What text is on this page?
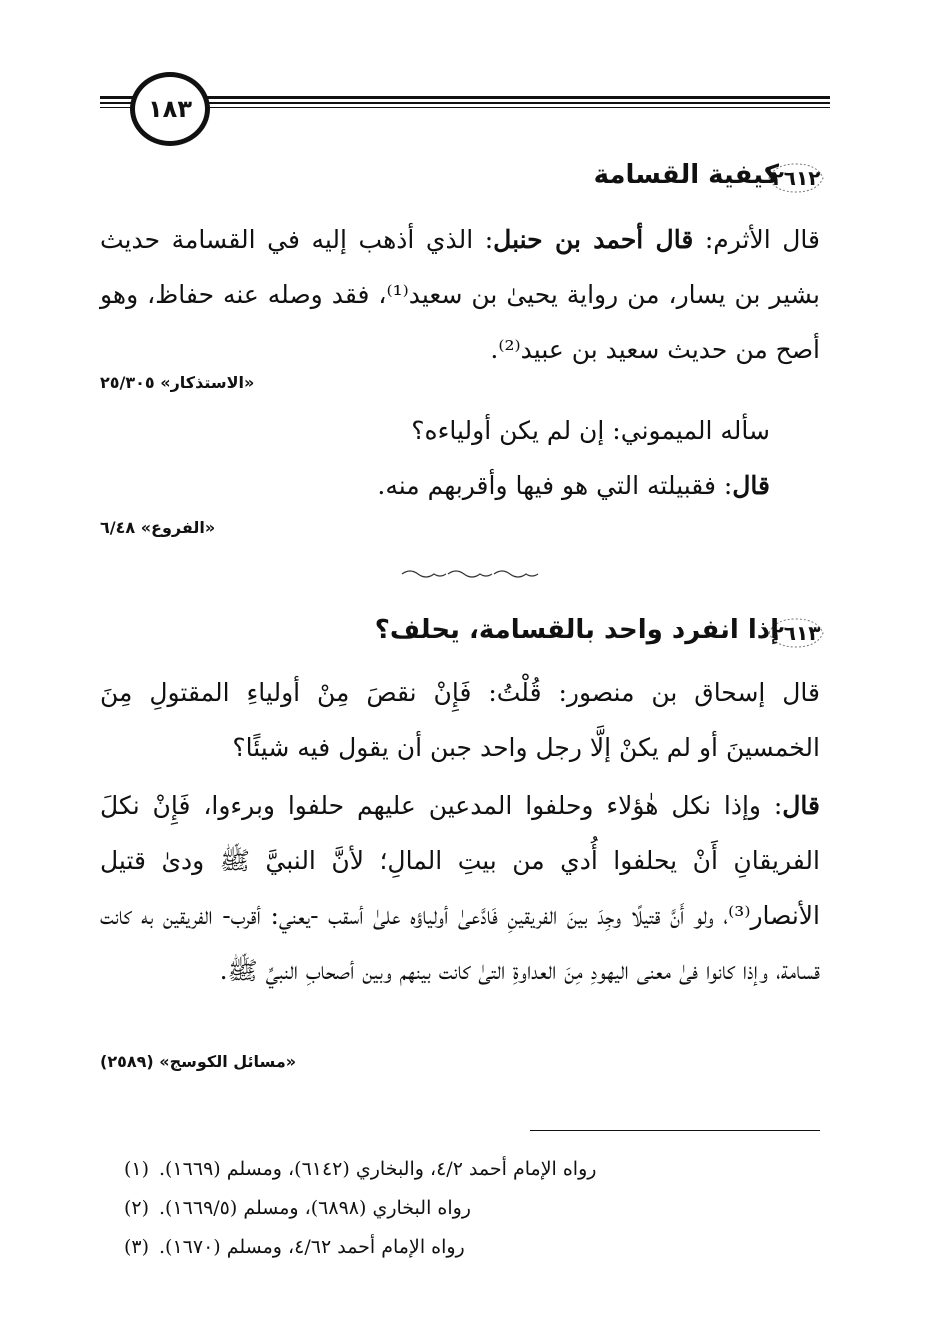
١٨٣
٢٦١٢
كيفية القسامة

قال الأثرم: قال أحمد بن حنبل: الذي أذهب إليه في القسامة حديث بشير بن يسار، من رواية يحيىٰ بن سعيد⁽¹⁾، فقد وصله عنه حفاظ، وهو أصح من حديث سعيد بن عبيد⁽²⁾.

«الاستذكار» ٢٥/٣٠٥

سأله الميموني: إن لم يكن أولياءه؟

قال: فقبيلته التي هو فيها وأقربهم منه.

«الفروع» ٦/٤٨
٢٦١٣
إذا انفرد واحد بالقسامة، يحلف؟

قال إسحاق بن منصور: قُلْتُ: فَإِنْ نقصَ مِنْ أولياءِ المقتولِ مِنَ الخمسينَ أو لم يكنْ إلَّا رجل واحد جبن أن يقول فيه شيئًا؟

قال: وإذا نكل هٰؤلاء وحلفوا المدعين عليهم حلفوا وبرءوا، فَإِنْ نكلَ الفريقانِ أَنْ يحلفوا أُدي من بيتِ المالِ؛ لأنَّ النبيَّ ﷺ ودىٰ قتيل الأنصار⁽³⁾، ولو أَنَّ قتيلًا وجِدَ بينَ الفريقينِ فَادَّعىٰ أولياؤه علىٰ أسقب -يعني: أقرب- الفريقين به كانت قسامة، وإذا كانوا فىٰ معنى اليهودِ مِنَ العداوةِ التىٰ كانت بينهم وبين أصحابِ النبيِّ ﷺ.

«مسائل الكوسج» (٢٥٨٩)
(١) رواه الإمام أحمد ٤/٢، والبخاري (٦١٤٢)، ومسلم (١٦٦٩).
(٢) رواه البخاري (٦٨٩٨)، ومسلم (١٦٦٩/٥).
(٣) رواه الإمام أحمد ٤/٦٢، ومسلم (١٦٧٠).
